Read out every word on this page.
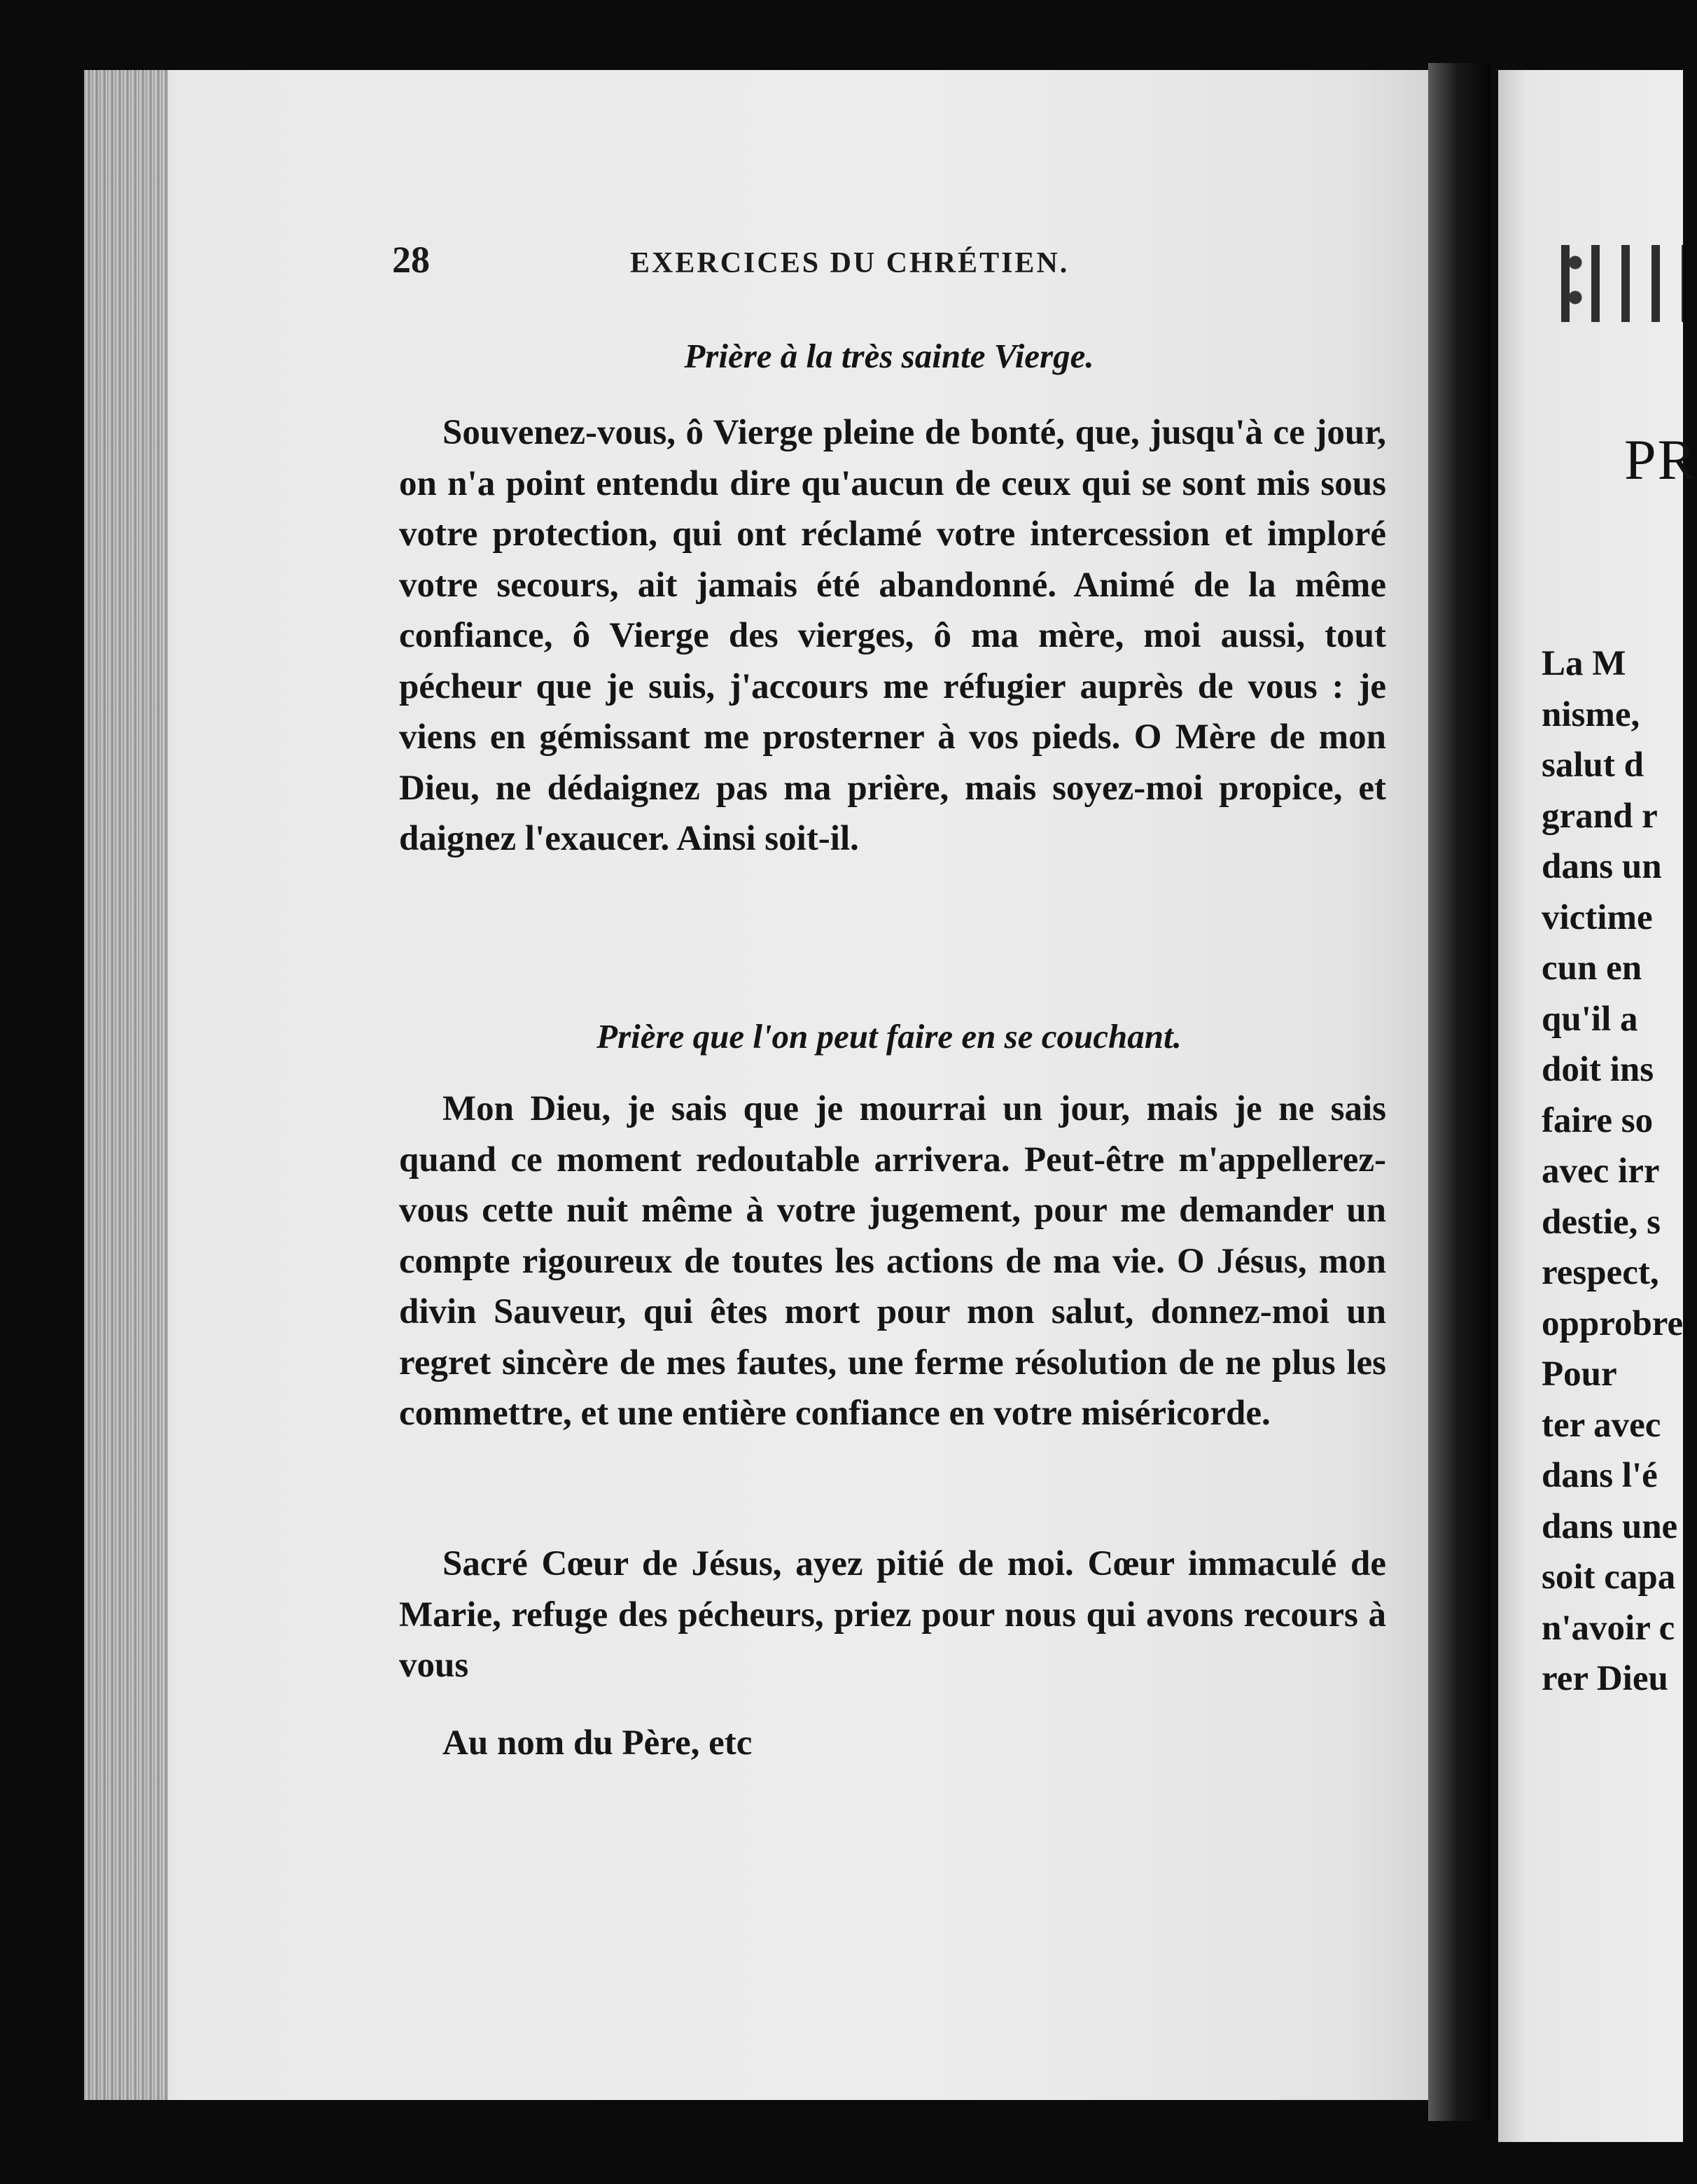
28	EXERCICES DU CHRÉTIEN.
Prière à la très sainte Vierge.

Souvenez-vous, ô Vierge pleine de bonté, que, jusqu'à ce jour, on n'a point entendu dire qu'aucun de ceux qui se sont mis sous votre protection, qui ont réclamé votre intercession et imploré votre secours, ait jamais été abandonné. Animé de la même confiance, ô Vierge des vierges, ô ma mère, moi aussi, tout pécheur que je suis, j'accours me réfugier auprès de vous : je viens en gémissant me prosterner à vos pieds. O Mère de mon Dieu, ne dédaignez pas ma prière, mais soyez-moi propice, et daignez l'exaucer. Ainsi soit-il.

Prière que l'on peut faire en se couchant.

Mon Dieu, je sais que je mourrai un jour, mais je ne sais quand ce moment redoutable arrivera. Peut-être m'appellerez-vous cette nuit même à votre jugement, pour me demander un compte rigoureux de toutes les actions de ma vie. O Jésus, mon divin Sauveur, qui êtes mort pour mon salut, donnez-moi un regret sincère de mes fautes, une ferme résolution de ne plus les commettre, et une entière confiance en votre miséricorde.

Sacré Cœur de Jésus, ayez pitié de moi. Cœur immaculé de Marie, refuge des pécheurs, priez pour nous qui avons recours à vous

Au nom du Père, etc

PR
La M
nisme,
salut d
grand r
dans un
victime
cun en
qu'il a
doit ins
faire so
avec irr
destie, s
respect,
opprobre
Pour
ter avec
dans l'é
dans une
soit capa
n'avoir c
rer Dieu
